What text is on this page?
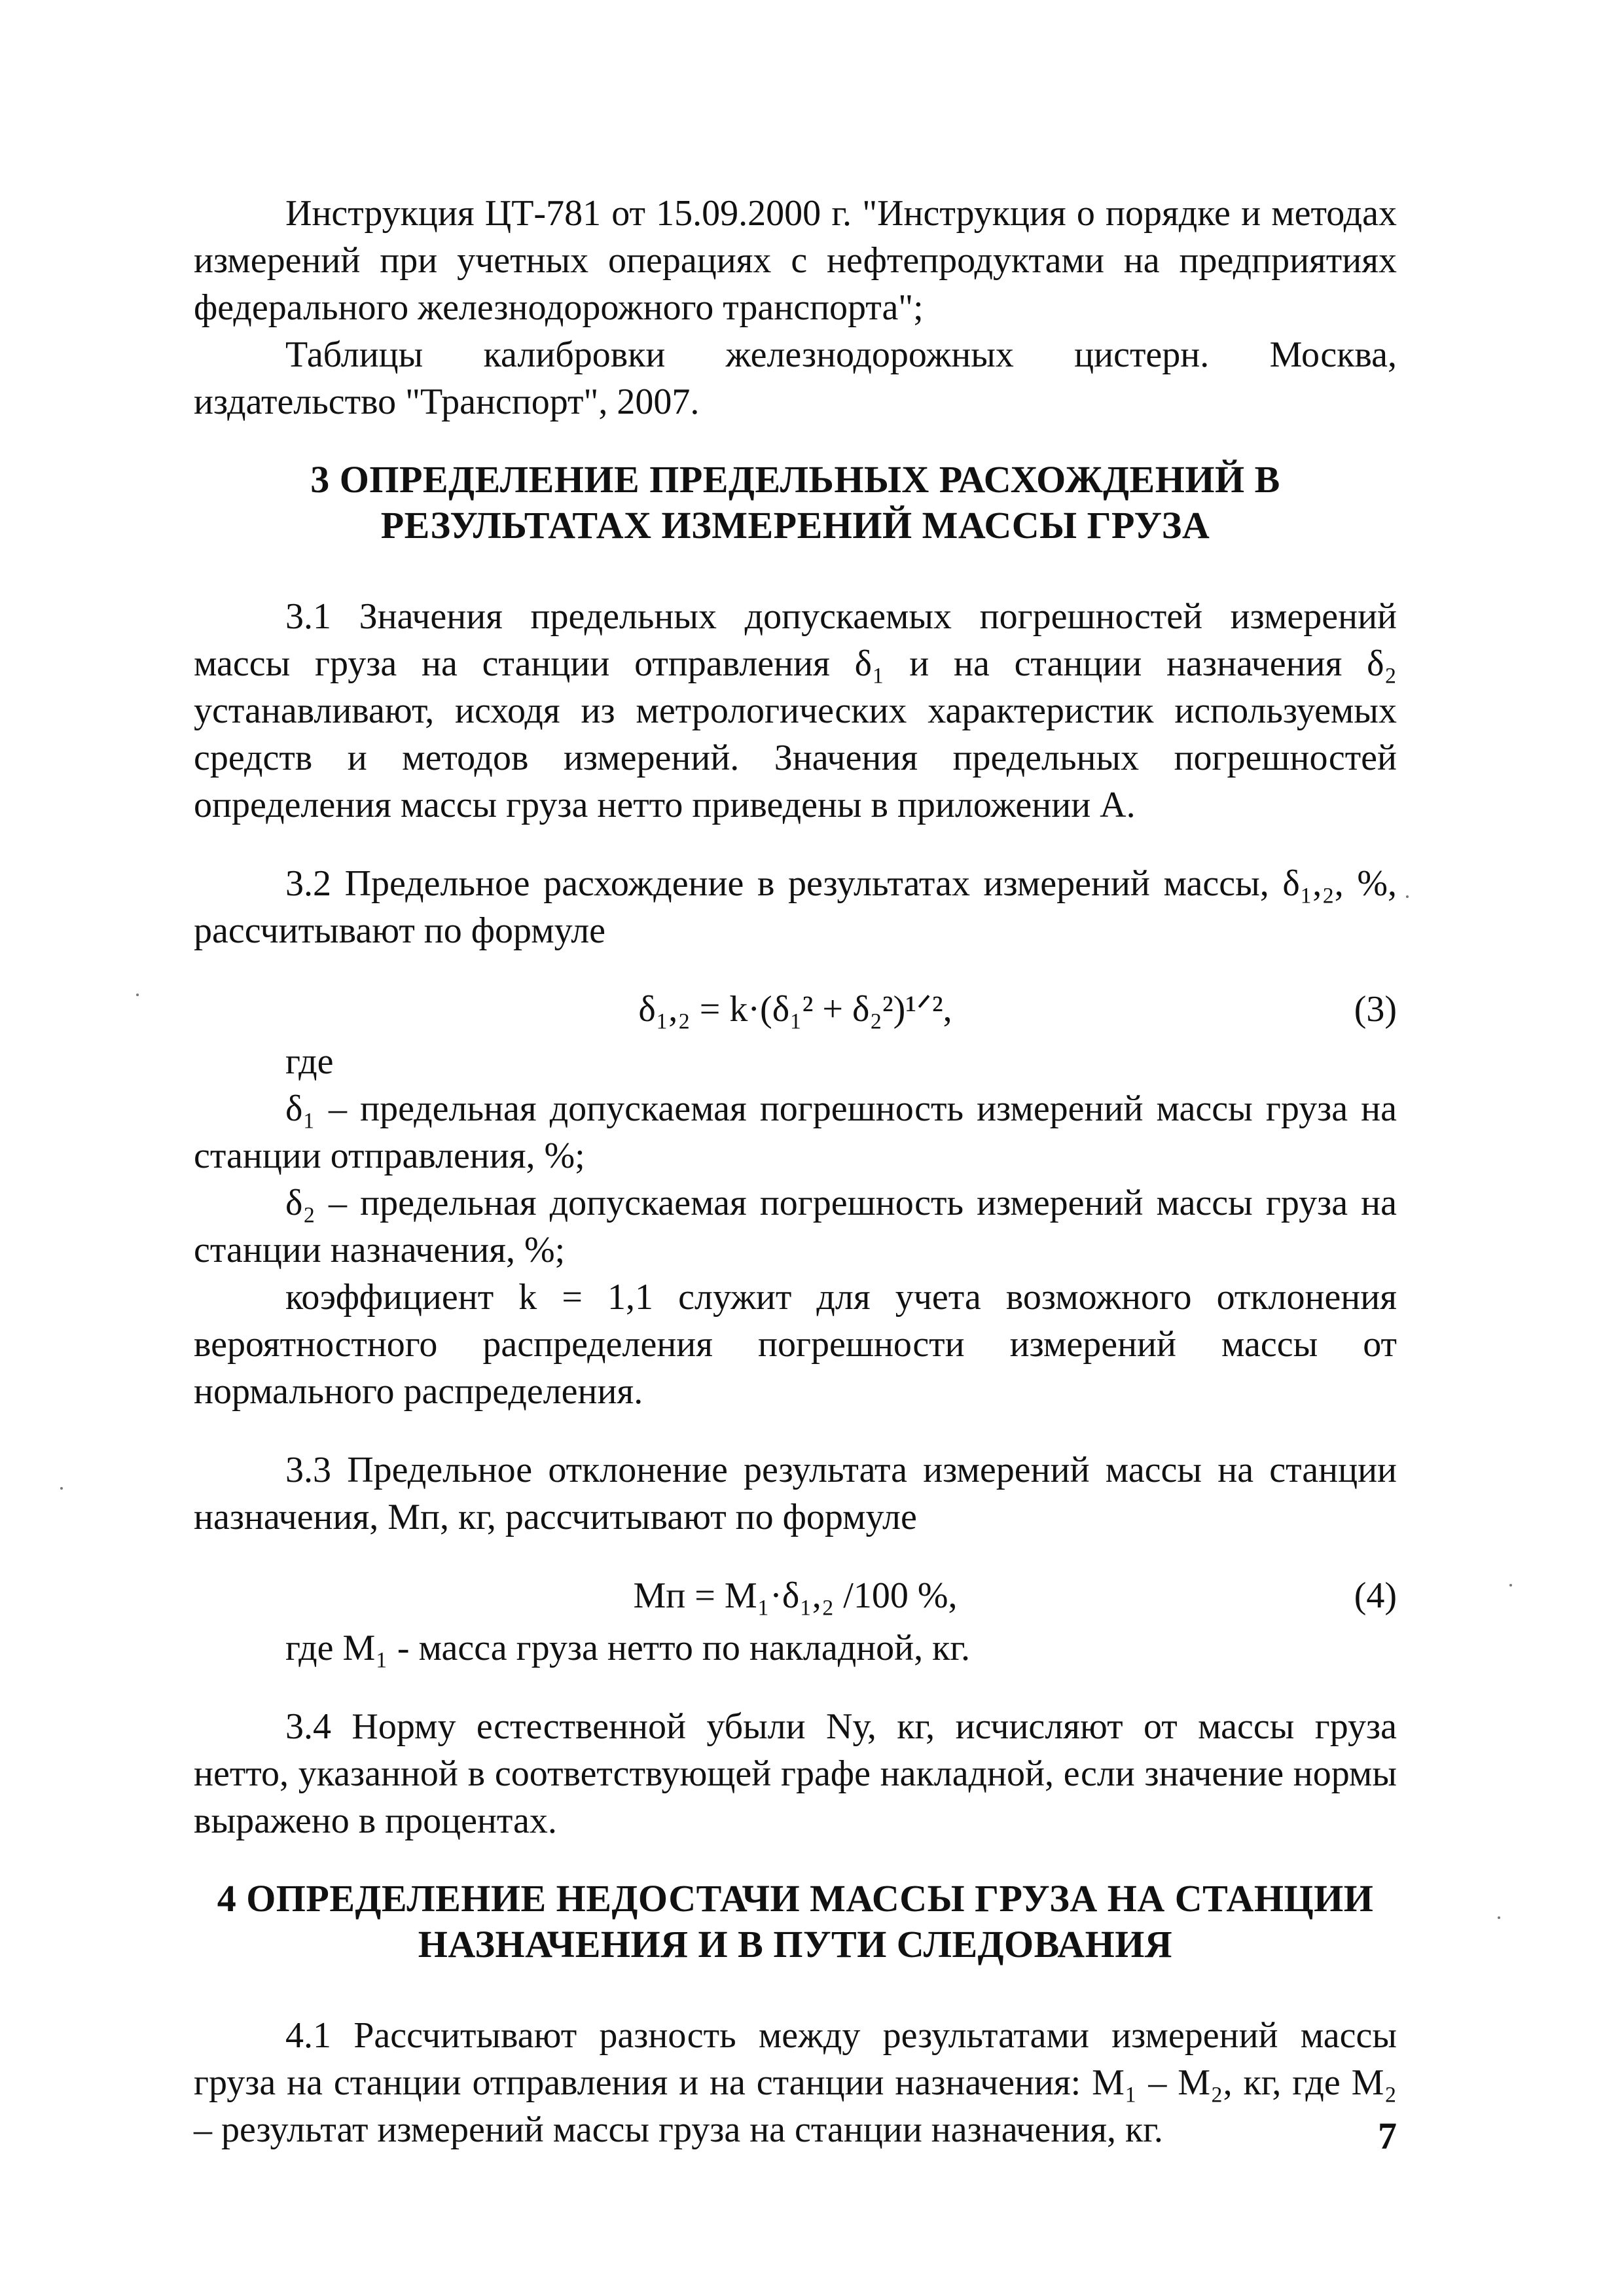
Инструкция ЦТ-781 от 15.09.2000 г. "Инструкция о порядке и методах измерений при учетных операциях с нефтепродуктами на предприятиях федерального железнодорожного транспорта";

Таблицы калибровки железнодорожных цистерн. Москва, издательство "Транспорт", 2007.

3 ОПРЕДЕЛЕНИЕ ПРЕДЕЛЬНЫХ РАСХОЖДЕНИЙ В
РЕЗУЛЬТАТАХ ИЗМЕРЕНИЙ МАССЫ ГРУЗА

3.1 Значения предельных допускаемых погрешностей измерений массы груза на станции отправления δ₁ и на станции назначения δ₂ устанавливают, исходя из метрологических характеристик используемых средств и методов измерений. Значения предельных погрешностей определения массы груза нетто приведены в приложении А.

3.2 Предельное расхождение в результатах измерений массы, δ₁,₂, %, рассчитывают по формуле

δ₁,₂ = k·(δ₁² + δ₂²)¹ᐟ²,	(3)

где

δ₁ – предельная допускаемая погрешность измерений массы груза на станции отправления, %;

δ₂ – предельная допускаемая погрешность измерений массы груза на станции назначения, %;

коэффициент k = 1,1 служит для учета возможного отклонения вероятностного распределения погрешности измерений массы от нормального распределения.

3.3 Предельное отклонение результата измерений массы на станции назначения, Mп, кг, рассчитывают по формуле

Mп = M₁·δ₁,₂ /100 %,	(4)

где M₁ - масса груза нетто по накладной, кг.

3.4 Норму естественной убыли Nу, кг, исчисляют от массы груза нетто, указанной в соответствующей графе накладной, если значение нормы выражено в процентах.

4 ОПРЕДЕЛЕНИЕ НЕДОСТАЧИ МАССЫ ГРУЗА НА СТАНЦИИ
НАЗНАЧЕНИЯ И В ПУТИ СЛЕДОВАНИЯ

4.1 Рассчитывают разность между результатами измерений массы груза на станции отправления и на станции назначения: M₁ – M₂, кг, где M₂ – результат измерений массы груза на станции назначения, кг.	7
